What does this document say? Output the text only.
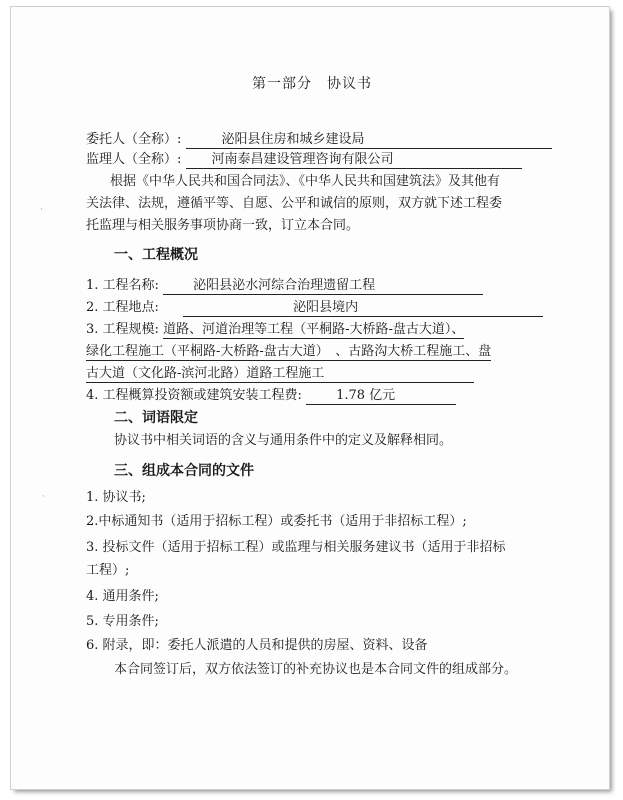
第一部分　协议书
委托人（全称）:	泌阳县住房和城乡建设局
监理人（全称）: 河南泰昌建设管理咨询有限公司
根据《中华人民共和国合同法》、《中华人民共和国建筑法》及其他有
关法律、法规，遵循平等、自愿、公平和诚信的原则，双方就下述工程委
托监理与相关服务事项协商一致，订立本合同。
一、工程概况
1. 工程名称:	泌阳县泌水河综合治理遗留工程
2. 工程地点:	泌阳县境内
3. 工程规模: 道路、河道治理等工程（平桐路-大桥路-盘古大道）、
绿化工程施工（平桐路-大桥路-盘古大道）　、古路沟大桥工程施工、盘
古大道（文化路-滨河北路）道路工程施工
4. 工程概算投资额或建筑安装工程费:	1.78 亿元
二、词语限定
协议书中相关词语的含义与通用条件中的定义及解释相同。
三、组成本合同的文件
1. 协议书;
2.中标通知书（适用于招标工程）或委托书（适用于非招标工程）;
3. 投标文件（适用于招标工程）或监理与相关服务建议书（适用于非招标
工程）;
4. 通用条件;
5. 专用条件;
6. 附录，即：委托人派遣的人员和提供的房屋、资料、设备
本合同签订后，双方依法签订的补充协议也是本合同文件的组成部分。
·
·
